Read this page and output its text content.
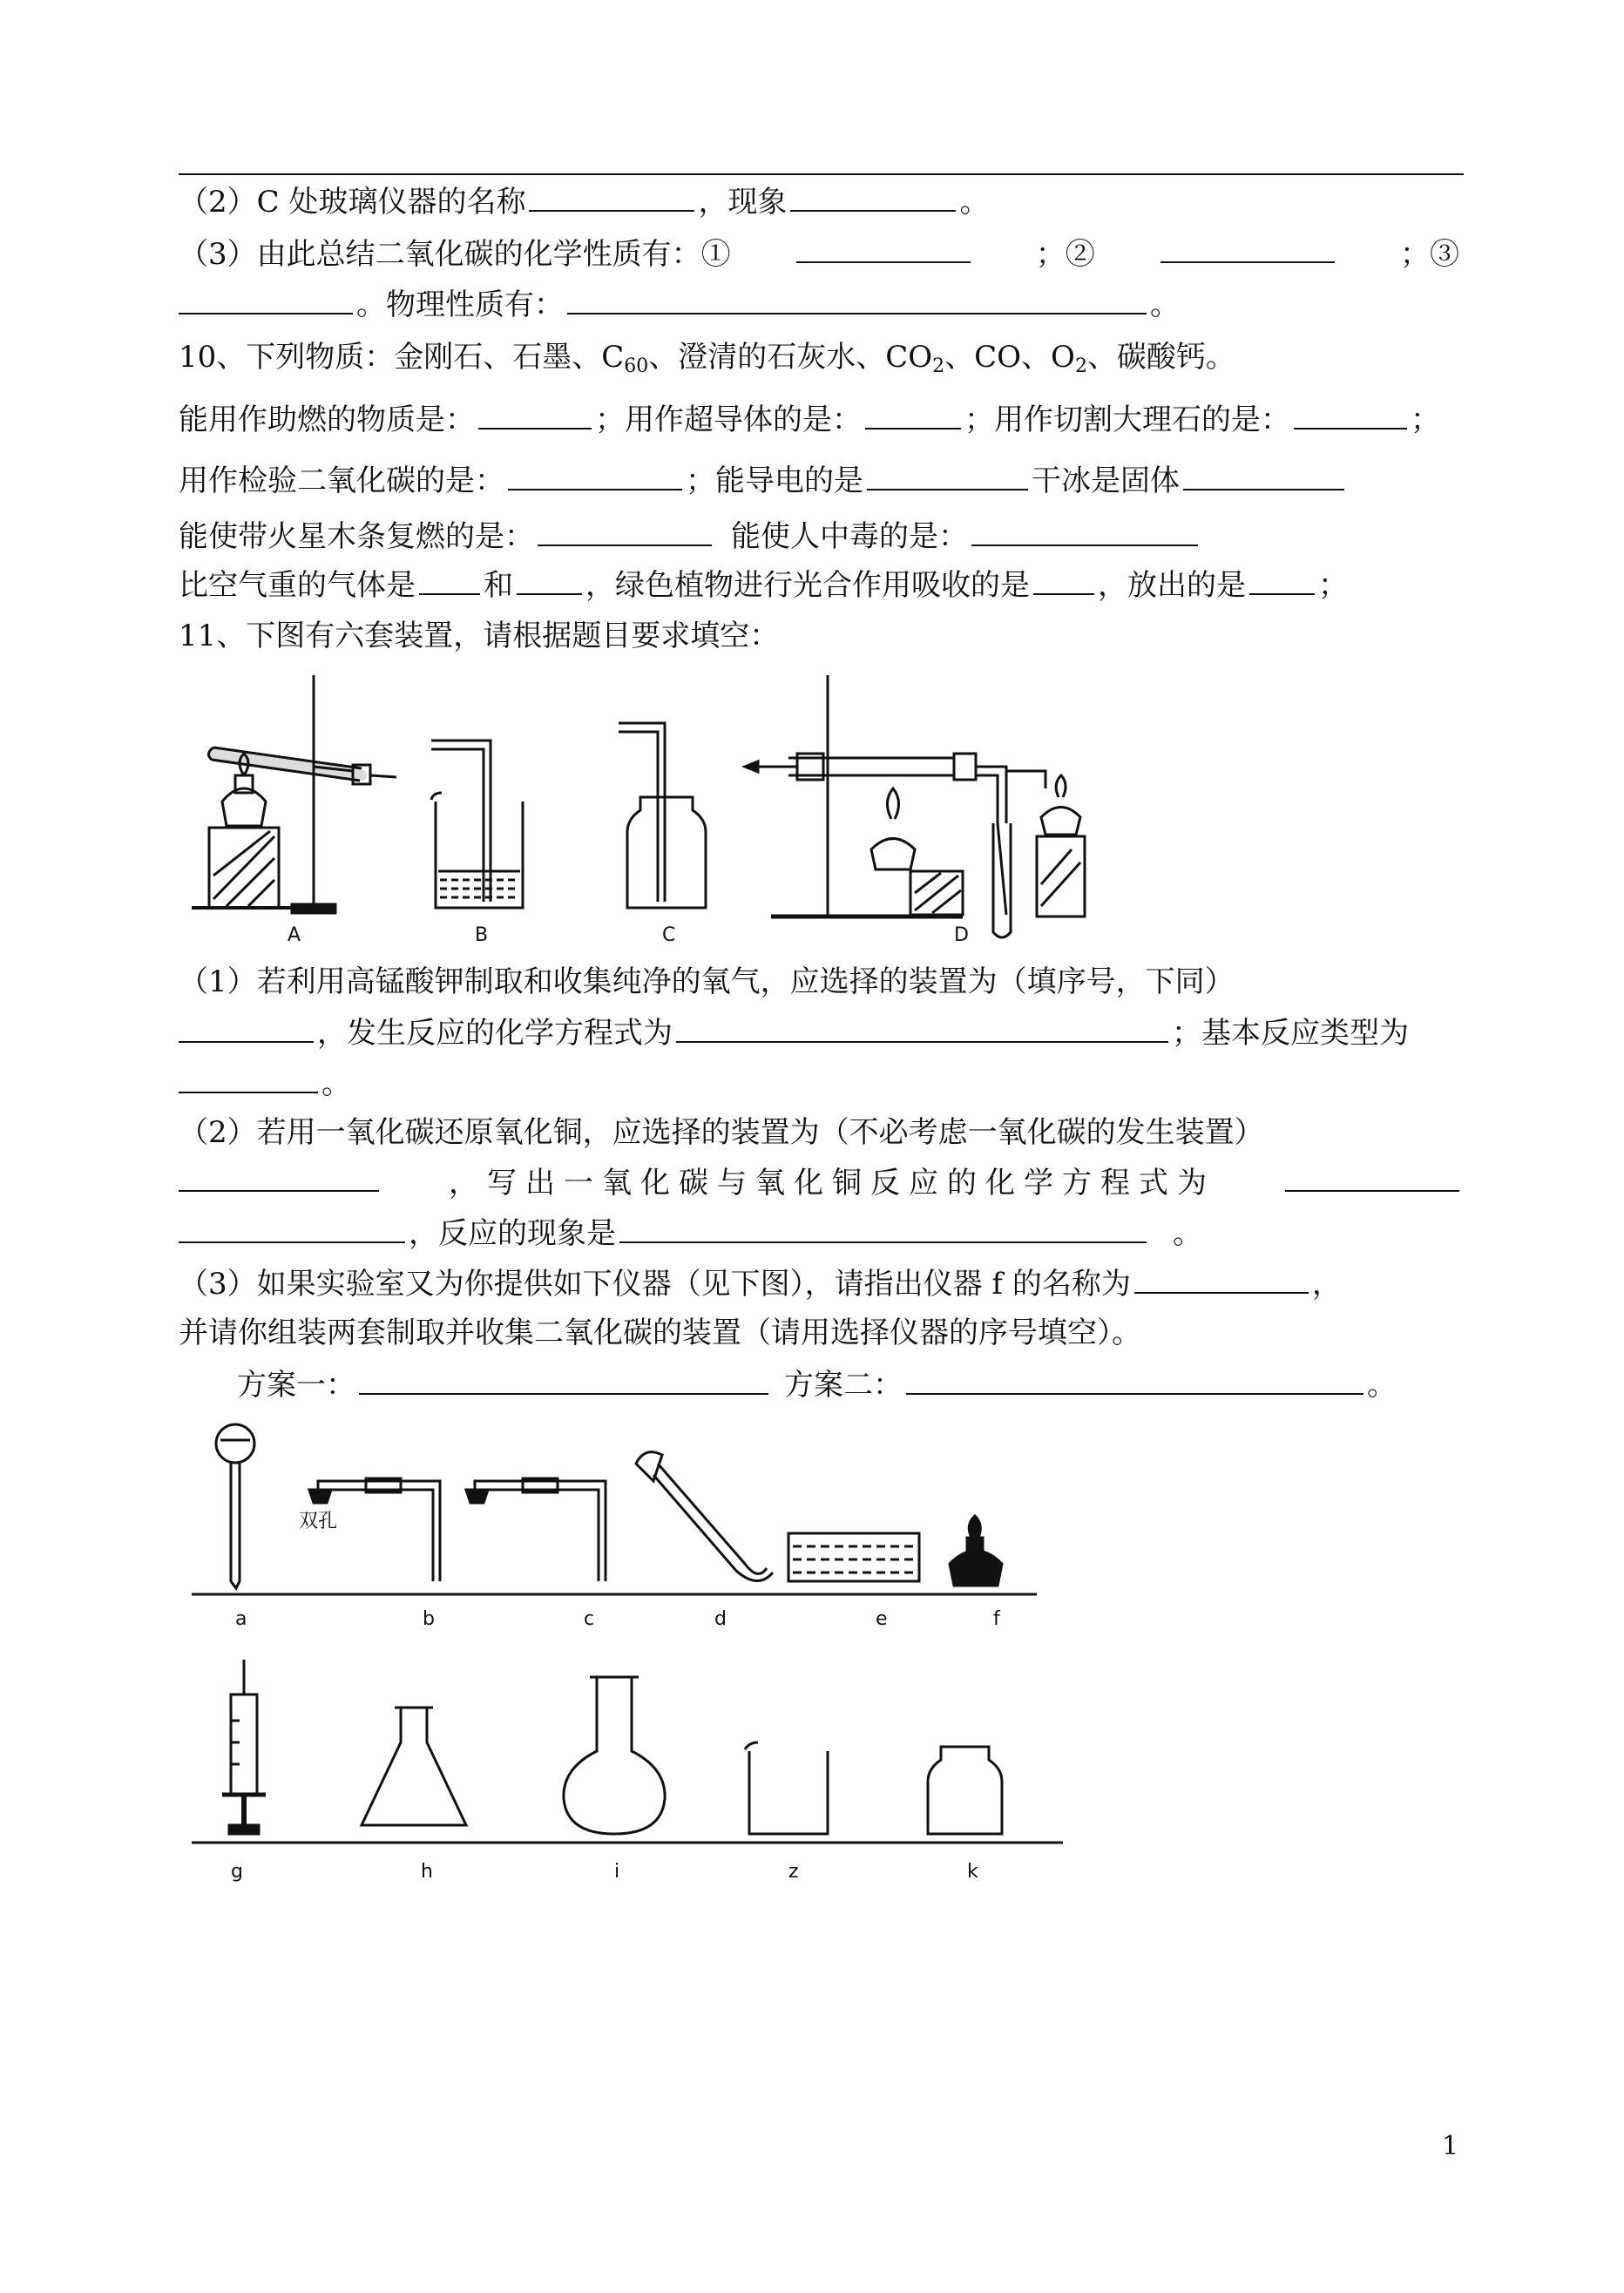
（2）C 处玻璃仪器的名称	，现象	。
（3）由此总结二氧化碳的化学性质有：①	；②	；③
。物理性质有：	。
10、下列物质：金刚石、石墨、$C_{60}$、澄清的石灰水、$CO_2$、CO、$O_2$、碳酸钙。
能用作助燃的物质是：	；用作超导体的是：	；用作切割大理石的是：	；
用作检验二氧化碳的是：	；能导电的是	干冰是固体
能使带火星木条复燃的是：	能使人中毒的是：
比空气重的气体是 和 ，绿色植物进行光合作用吸收的是 ，放出的是 ；
11、下图有六套装置，请根据题目要求填空：
A	B	C	D
（1）若利用高锰酸钾制取和收集纯净的氧气，应选择的装置为（填序号，下同）
，发生反应的化学方程式为	；基本反应类型为
。
（2）若用一氧化碳还原氧化铜，应选择的装置为（不必考虑一氧化碳的发生装置）
，写出一氧化碳与氧化铜反应的化学方程式为
，反应的现象是	。
（3）如果实验室又为你提供如下仪器（见下图），请指出仪器 f 的名称为	，
并请你组装两套制取并收集二氧化碳的装置（请用选择仪器的序号填空）。
方案一：	方案二：	。
a	b	c	d	e	f
双孔
g	h	i	z	k
1
